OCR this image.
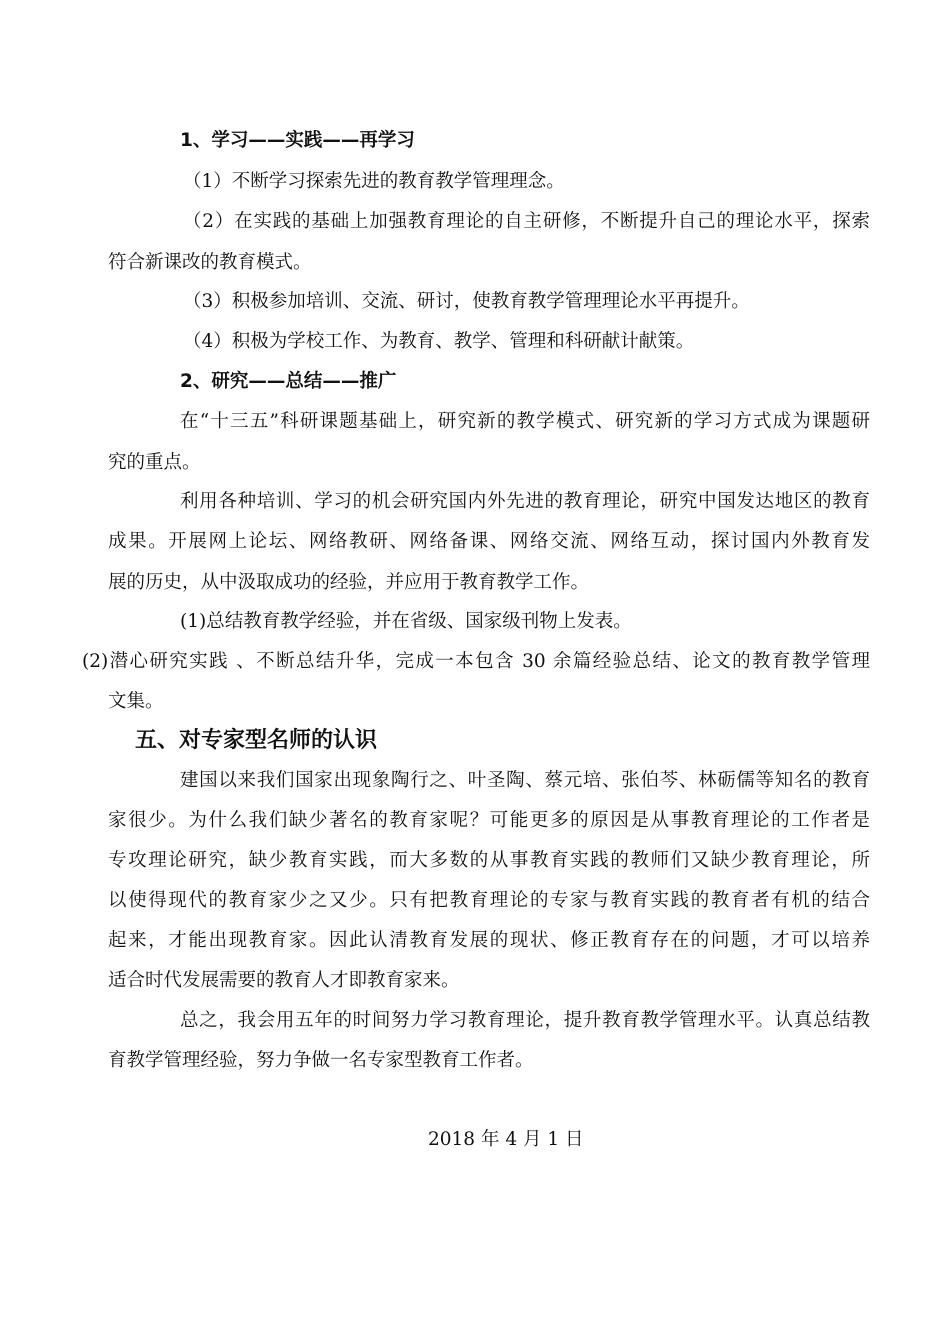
1、学习——实践——再学习

（1）不断学习探索先进的教育教学管理理念。

（2）在实践的基础上加强教育理论的自主研修，不断提升自己的理论水平，探索

符合新课改的教育模式。

（3）积极参加培训、交流、研讨，使教育教学管理理论水平再提升。

（4）积极为学校工作、为教育、教学、管理和科研献计献策。

2、研究——总结——推广

在“十三五”科研课题基础上，研究新的教学模式、研究新的学习方式成为课题研

究的重点。

利用各种培训、学习的机会研究国内外先进的教育理论，研究中国发达地区的教育

成果。开展网上论坛、网络教研、网络备课、网络交流、网络互动，探讨国内外教育发

展的历史，从中汲取成功的经验，并应用于教育教学工作。

(1)总结教育教学经验，并在省级、国家级刊物上发表。

(2)潜心研究实践 、不断总结升华，完成一本包含 30 余篇经验总结、论文的教育教学管理

文集。

五、对专家型名师的认识

建国以来我们国家出现象陶行之、叶圣陶、蔡元培、张伯芩、林砺儒等知名的教育

家很少。为什么我们缺少著名的教育家呢？可能更多的原因是从事教育理论的工作者是

专攻理论研究，缺少教育实践，而大多数的从事教育实践的教师们又缺少教育理论，所

以使得现代的教育家少之又少。只有把教育理论的专家与教育实践的教育者有机的结合

起来，才能出现教育家。因此认清教育发展的现状、修正教育存在的问题，才可以培养

适合时代发展需要的教育人才即教育家来。

总之，我会用五年的时间努力学习教育理论，提升教育教学管理水平。认真总结教

育教学管理经验，努力争做一名专家型教育工作者。

2018 年 4 月 1 日
